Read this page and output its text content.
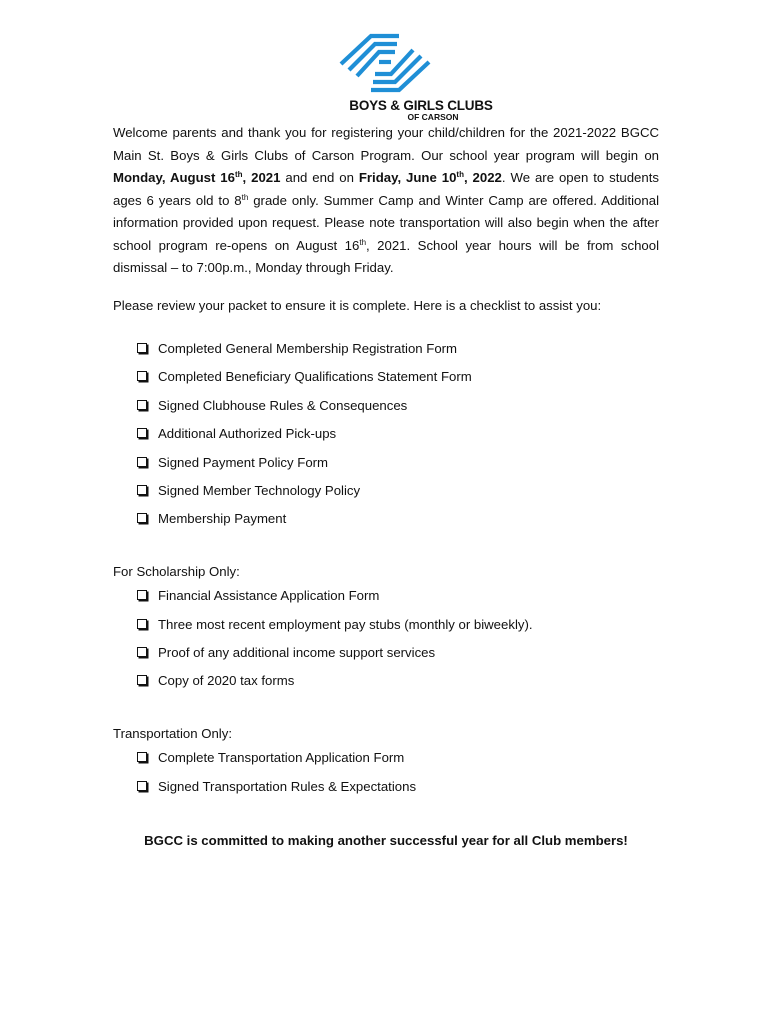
BOYS & GIRLS CLUBS
OF CARSON

Welcome parents and thank you for registering your child/children for the 2021-2022 BGCC Main St. Boys & Girls Clubs of Carson Program. Our school year program will begin on Monday, August 16th, 2021 and end on Friday, June 10th, 2022. We are open to students ages 6 years old to 8th grade only. Summer Camp and Winter Camp are offered. Additional information provided upon request. Please note transportation will also begin when the after school program re-opens on August 16th, 2021. School year hours will be from school dismissal – to 7:00p.m., Monday through Friday.

Please review your packet to ensure it is complete. Here is a checklist to assist you:

Completed General Membership Registration Form
Completed Beneficiary Qualifications Statement Form
Signed Clubhouse Rules & Consequences
Additional Authorized Pick-ups
Signed Payment Policy Form
Signed Member Technology Policy
Membership Payment

For Scholarship Only:

Financial Assistance Application Form
Three most recent employment pay stubs (monthly or biweekly).
Proof of any additional income support services
Copy of 2020 tax forms

Transportation Only:

Complete Transportation Application Form
Signed Transportation Rules & Expectations

BGCC is committed to making another successful year for all Club members!
